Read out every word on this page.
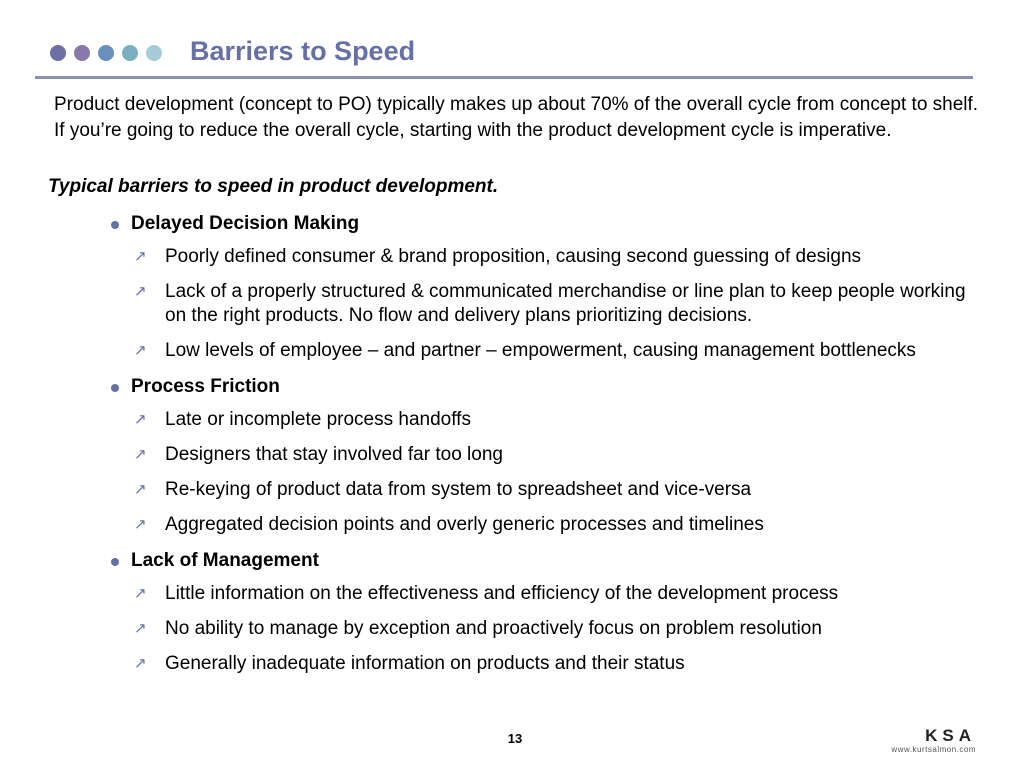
Barriers to Speed
Product development (concept to PO) typically makes up about 70% of the overall cycle from concept to shelf. If you’re going to reduce the overall cycle, starting with the product development cycle is imperative.
Typical barriers to speed in product development.
Delayed Decision Making
↗ Poorly defined consumer & brand proposition, causing second guessing of designs
↗ Lack of a properly structured & communicated merchandise or line plan to keep people working on the right products. No flow and delivery plans prioritizing decisions.
↗ Low levels of employee – and partner – empowerment, causing management bottlenecks
Process Friction
↗ Late or incomplete process handoffs
↗ Designers that stay involved far too long
↗ Re-keying of product data from system to spreadsheet and vice-versa
↗ Aggregated decision points and overly generic processes and timelines
Lack of Management
↗ Little information on the effectiveness and efficiency of the development process
↗ No ability to manage by exception and proactively focus on problem resolution
↗ Generally inadequate information on products and their status
13	KSA
www.kurtsalmon.com
